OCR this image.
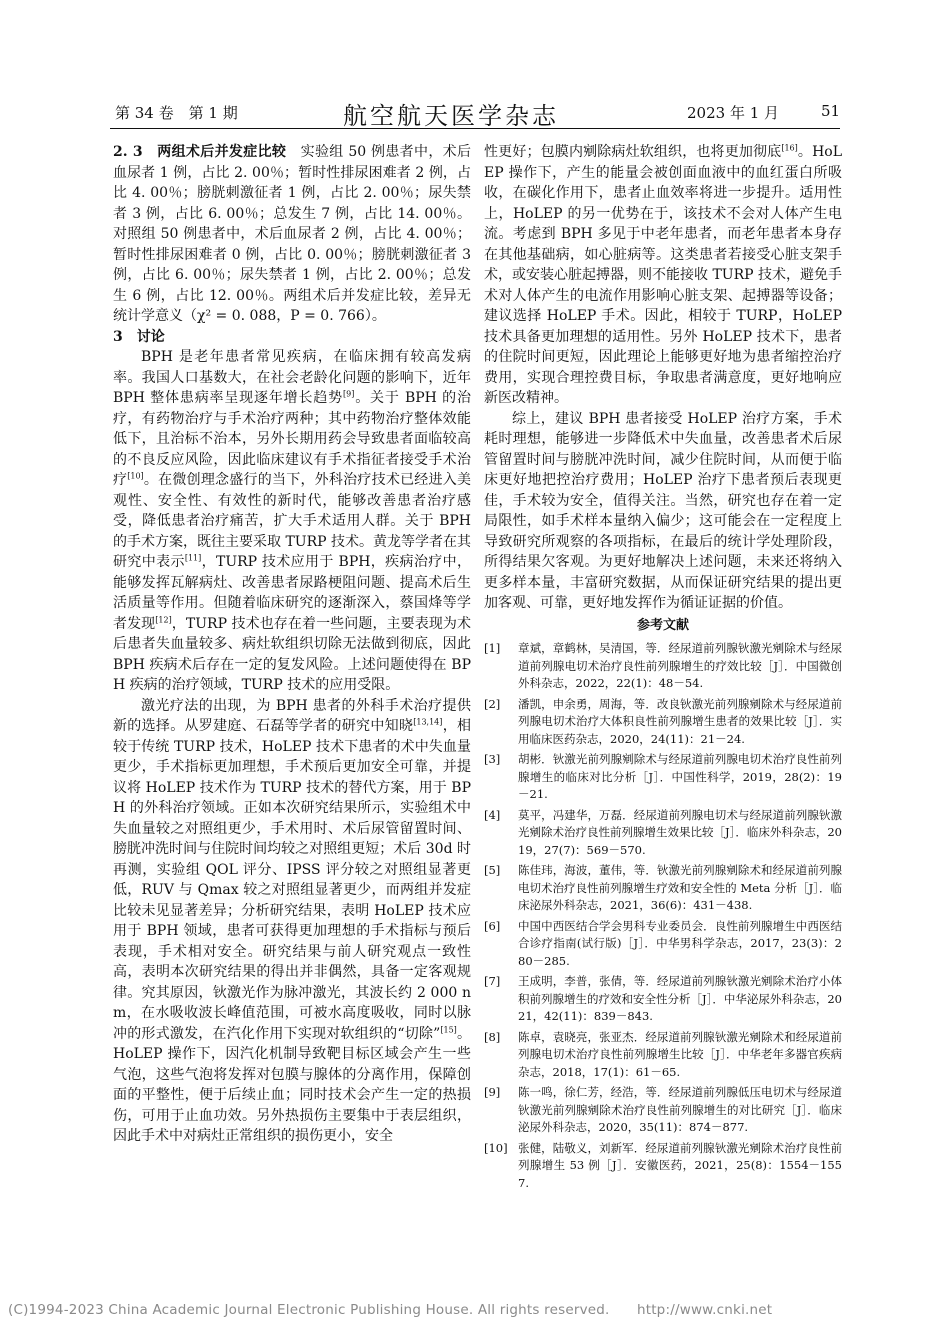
第 34 卷　第 1 期	航空航天医学杂志	2023 年 1 月	51

2. 3　两组术后并发症比较　 实验组 50 例患者中，术后血尿者 1 例，占比 2. 00％；暂时性排尿困难者 2 例，占比 4. 00％；膀胱刺激征者 1 例，占比 2. 00％；尿失禁者 3 例，占比 6. 00％；总发生 7 例，占比 14. 00％。对照组 50 例患者中，术后血尿者 2 例，占比 4. 00％；暂时性排尿困难者 0 例，占比 0. 00％；膀胱刺激征者 3 例，占比 6. 00％；尿失禁者 1 例，占比 2. 00％；总发生 6 例，占比 12. 00％。两组术后并发症比较，差异无统计学意义（χ² = 0. 088，P = 0. 766）。

3　讨论

BPH 是老年患者常见疾病，在临床拥有较高发病率。我国人口基数大，在社会老龄化问题的影响下，近年 BPH 整体患病率呈现逐年增长趋势[9]。关于 BPH 的治疗，有药物治疗与手术治疗两种；其中药物治疗整体效能低下，且治标不治本，另外长期用药会导致患者面临较高的不良反应风险，因此临床建议有手术指征者接受手术治疗[10]。在微创理念盛行的当下，外科治疗技术已经进入美观性、安全性、有效性的新时代，能够改善患者治疗感受，降低患者治疗痛苦，扩大手术适用人群。关于 BPH 的手术方案，既往主要采取 TURP 技术。黄龙等学者在其研究中表示[11]，TURP 技术应用于 BPH，疾病治疗中，能够发挥瓦解病灶、改善患者尿路梗阻问题、提高术后生活质量等作用。但随着临床研究的逐渐深入，蔡国烽等学者发现[12]，TURP 技术也存在着一些问题，主要表现为术后患者失血量较多、病灶软组织切除无法做到彻底，因此 BPH 疾病术后存在一定的复发风险。上述问题使得在 BPH 疾病的治疗领域，TURP 技术的应用受限。

激光疗法的出现，为 BPH 患者的外科手术治疗提供新的选择。从罗建庭、石磊等学者的研究中知晓[13,14]，相较于传统 TURP 技术，HoLEP 技术下患者的术中失血量更少，手术指标更加理想，手术预后更加安全可靠，并提议将 HoLEP 技术作为 TURP 技术的替代方案，用于 BPH 的外科治疗领域。正如本次研究结果所示，实验组术中失血量较之对照组更少，手术用时、术后尿管留置时间、膀胱冲洗时间与住院时间均较之对照组更短；术后 30d 时再测，实验组 QOL 评分、IPSS 评分较之对照组显著更低，RUV 与 Qmax 较之对照组显著更少，而两组并发症比较未见显著差异；分析研究结果，表明 HoLEP 技术应用于 BPH 领域，患者可获得更加理想的手术指标与预后表现，手术相对安全。研究结果与前人研究观点一致性高，表明本次研究结果的得出并非偶然，具备一定客观规律。究其原因，钬激光作为脉冲激光，其波长约 2 000 nm，在水吸收波长峰值范围，可被水高度吸收，同时以脉冲的形式激发，在汽化作用下实现对软组织的“切除”[15]。HoLEP 操作下，因汽化机制导致靶目标区域会产生一些气泡，这些气泡将发挥对包膜与腺体的分离作用，保障创面的平整性，便于后续止血；同时技术会产生一定的热损伤，可用于止血功效。另外热损伤主要集中于表层组织，因此手术中对病灶正常组织的损伤更小，安全

性更好；包膜内剜除病灶软组织，也将更加彻底[16]。HoLEP 操作下，产生的能量会被创面血液中的血红蛋白所吸收，在碳化作用下，患者止血效率将进一步提升。适用性上，HoLEP 的另一优势在于，该技术不会对人体产生电流。考虑到 BPH 多见于中老年患者，而老年患者本身存在其他基础病，如心脏病等。这类患者若接受心脏支架手术，或安装心脏起搏器，则不能接收 TURP 技术，避免手术对人体产生的电流作用影响心脏支架、起搏器等设备；建议选择 HoLEP 手术。因此，相较于 TURP，HoLEP 技术具备更加理想的适用性。另外 HoLEP 技术下，患者的住院时间更短，因此理论上能够更好地为患者缩控治疗费用，实现合理控费目标，争取患者满意度，更好地响应新医改精神。

综上，建议 BPH 患者接受 HoLEP 治疗方案，手术耗时理想，能够进一步降低术中失血量，改善患者术后尿管留置时间与膀胱冲洗时间，减少住院时间，从而便于临床更好地把控治疗费用；HoLEP 治疗下患者预后表现更佳，手术较为安全，值得关注。当然，研究也存在着一定局限性，如手术样本量纳入偏少；这可能会在一定程度上导致研究所观察的各项指标，在最后的统计学处理阶段，所得结果欠客观。为更好地解决上述问题，未来还将纳入更多样本量，丰富研究数据，从而保证研究结果的提出更加客观、可靠，更好地发挥作为循证证据的价值。

参考文献
[1] 章斌，章鹤林，吴清国，等．经尿道前列腺钬激光剜除术与经尿道前列腺电切术治疗良性前列腺增生的疗效比较［J］．中国微创外科杂志，2022，22(1)：48－54.
[2] 潘凯，申余勇，周海，等．改良钬激光前列腺剜除术与经尿道前列腺电切术治疗大体积良性前列腺增生患者的效果比较［J］．实用临床医药杂志，2020，24(11)：21－24.
[3] 胡彬．钬激光前列腺剜除术与经尿道前列腺电切术治疗良性前列腺增生的临床对比分析［J］．中国性科学，2019，28(2)：19－21.
[4] 莫平，冯建华，万磊．经尿道前列腺电切术与经尿道前列腺钬激光剜除术治疗良性前列腺增生效果比较［J］．临床外科杂志，2019，27(7)：569－570.
[5] 陈佳玮，海波，董伟，等．钬激光前列腺剜除术和经尿道前列腺电切术治疗良性前列腺增生疗效和安全性的 Meta 分析［J］．临床泌尿外科杂志，2021，36(6)：431－438.
[6] 中国中西医结合学会男科专业委员会．良性前列腺增生中西医结合诊疗指南(试行版)［J］．中华男科学杂志，2017，23(3)：280－285.
[7] 王成明，李普，张倩，等．经尿道前列腺钬激光剜除术治疗小体积前列腺增生的疗效和安全性分析［J］．中华泌尿外科杂志，2021，42(11)：839－843.
[8] 陈卓，袁晓亮，张亚杰．经尿道前列腺钬激光剜除术和经尿道前列腺电切术治疗良性前列腺增生比较［J］．中华老年多器官疾病杂志，2018，17(1)：61－65.
[9] 陈一鸣，徐仁芳，经浩，等．经尿道前列腺低压电切术与经尿道钬激光前列腺剜除术治疗良性前列腺增生的对比研究［J］．临床泌尿外科杂志，2020，35(11)：874－877.
[10] 张健，陆敬义，刘新军．经尿道前列腺钬激光剜除术治疗良性前列腺增生 53 例［J］．安徽医药，2021，25(8)：1554－1557.
(C)1994-2023 China Academic Journal Electronic Publishing House. All rights reserved.　　http://www.cnki.net
